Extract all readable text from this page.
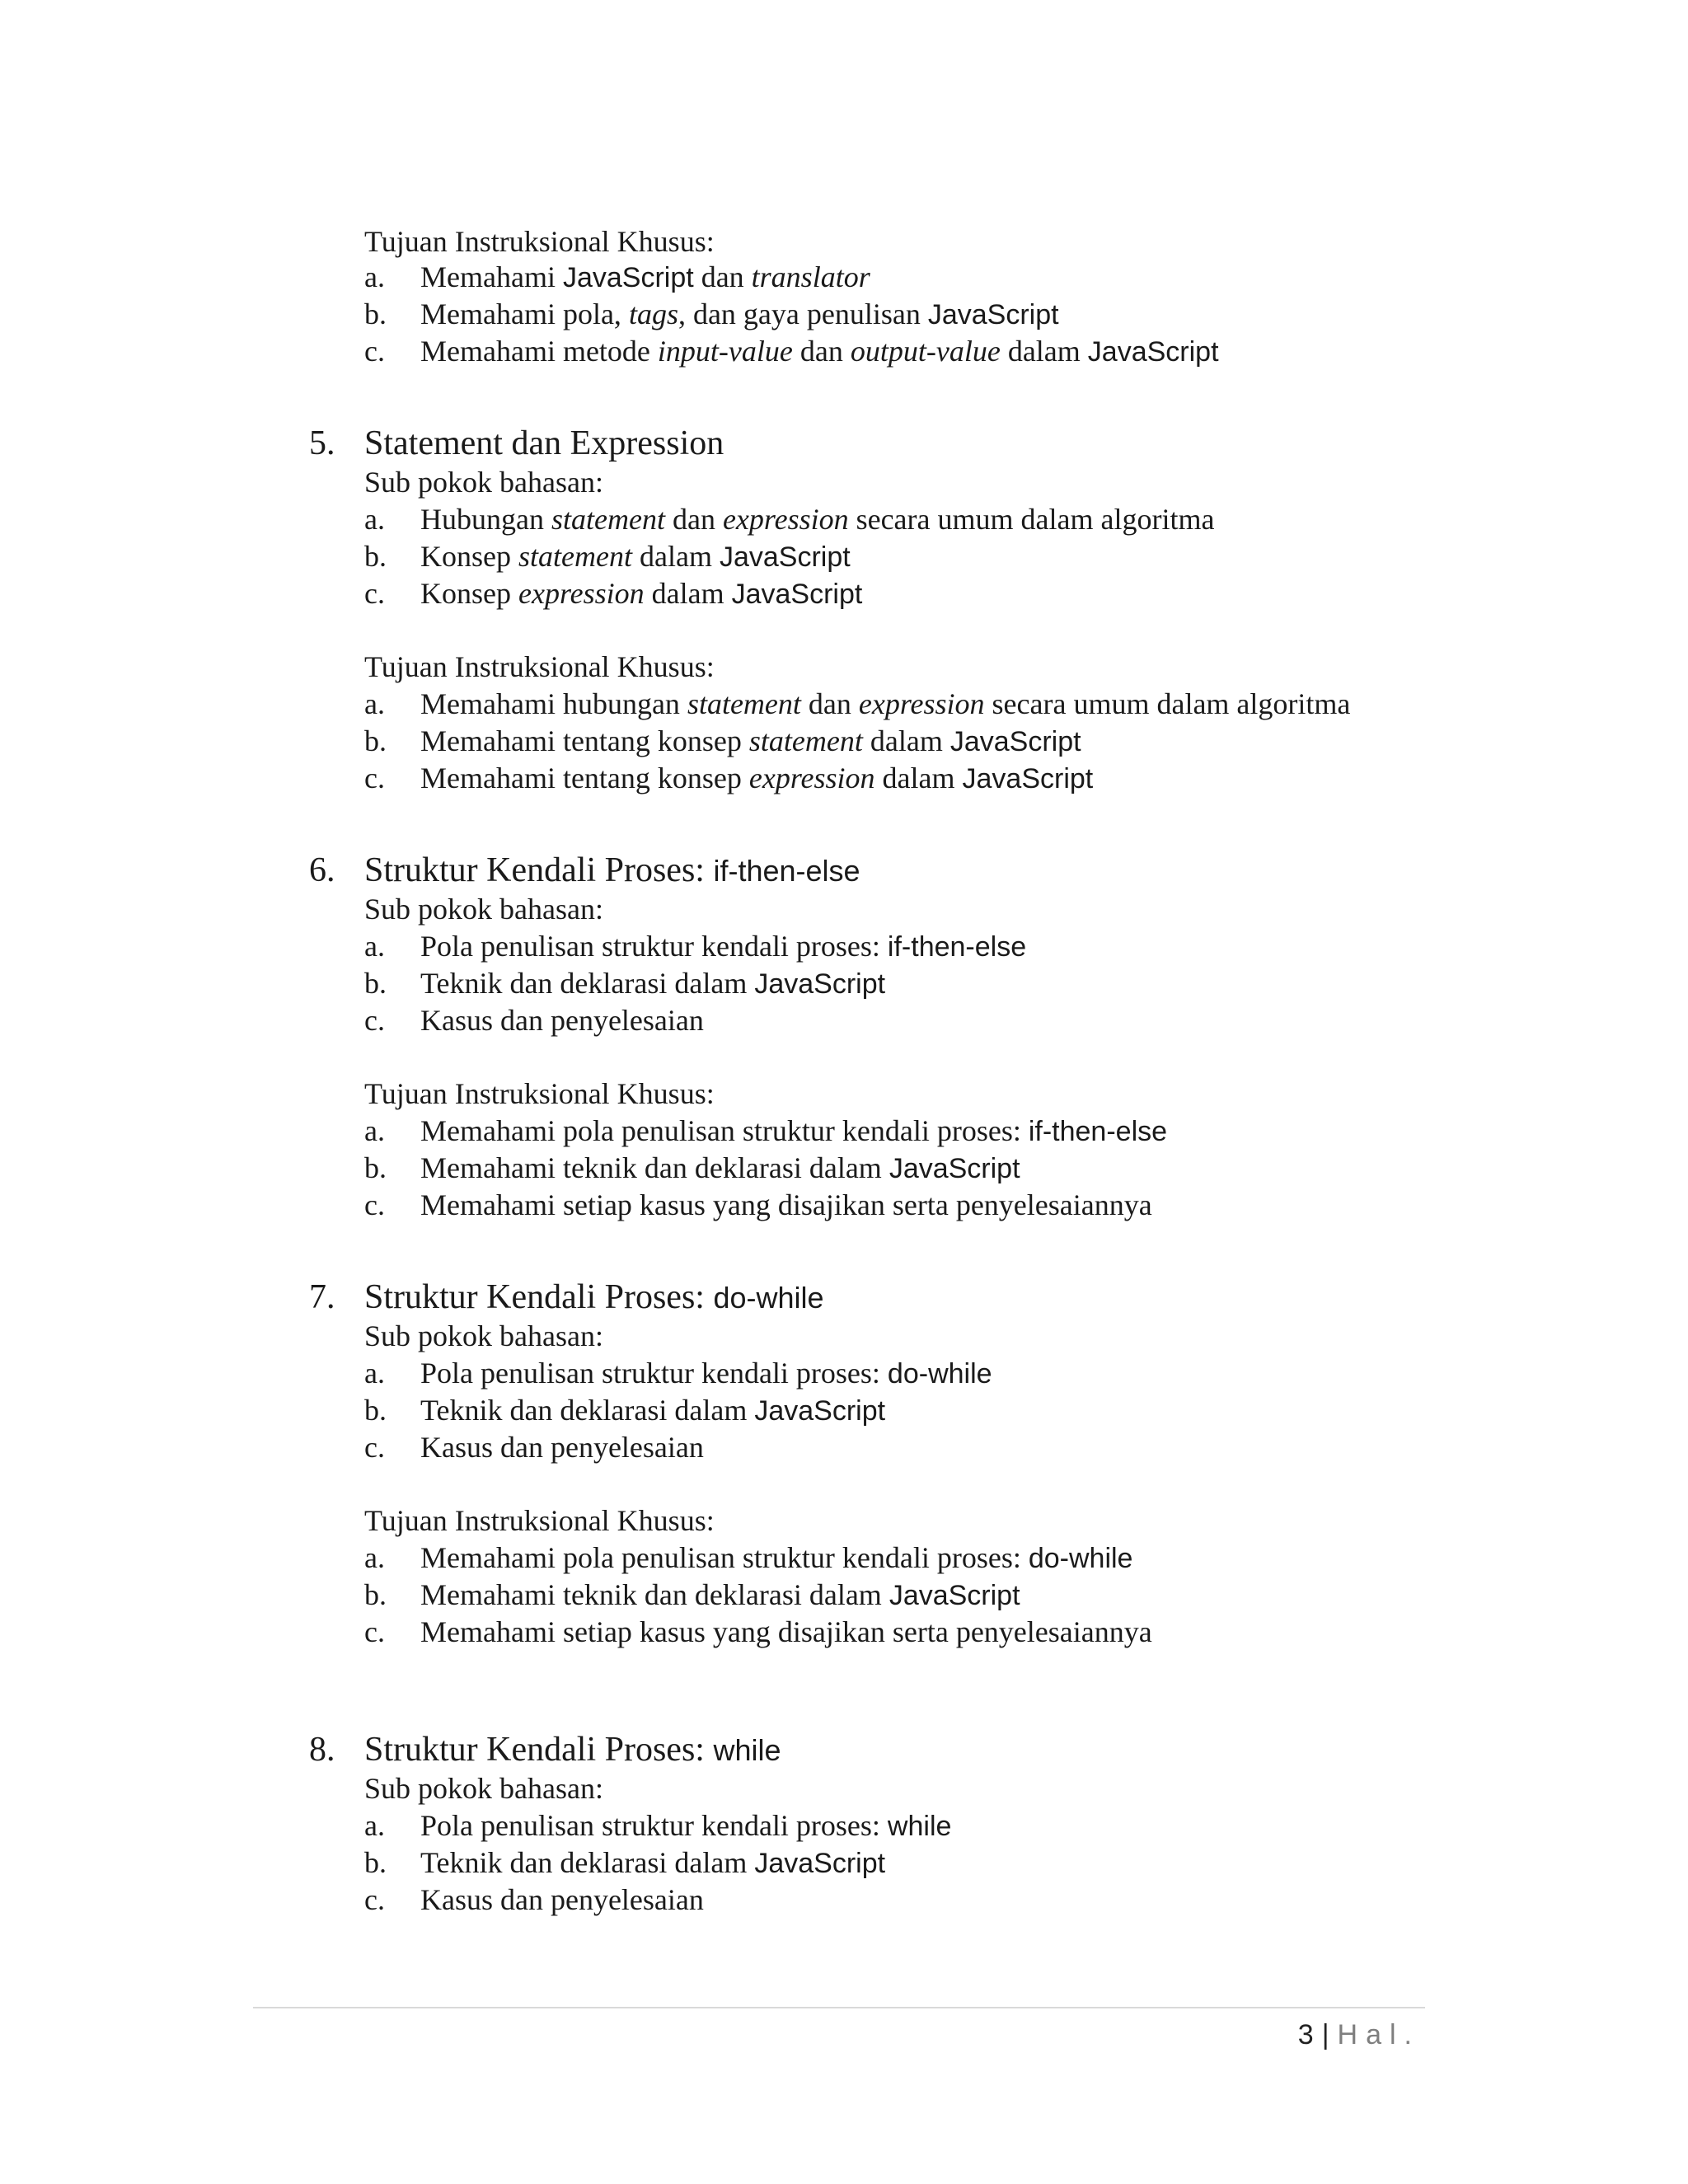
Tujuan Instruksional Khusus:
a. Memahami JavaScript dan translator
b. Memahami pola, tags, dan gaya penulisan JavaScript
c. Memahami metode input-value dan output-value dalam JavaScript
5. Statement dan Expression
Sub pokok bahasan:
a. Hubungan statement dan expression secara umum dalam algoritma
b. Konsep statement dalam JavaScript
c. Konsep expression dalam JavaScript
Tujuan Instruksional Khusus:
a. Memahami hubungan statement dan expression secara umum dalam algoritma
b. Memahami tentang konsep statement dalam JavaScript
c. Memahami tentang konsep expression dalam JavaScript
6. Struktur Kendali Proses: if-then-else
Sub pokok bahasan:
a. Pola penulisan struktur kendali proses: if-then-else
b. Teknik dan deklarasi dalam JavaScript
c. Kasus dan penyelesaian
Tujuan Instruksional Khusus:
a. Memahami pola penulisan struktur kendali proses: if-then-else
b. Memahami teknik dan deklarasi dalam JavaScript
c. Memahami setiap kasus yang disajikan serta penyelesaiannya
7. Struktur Kendali Proses: do-while
Sub pokok bahasan:
a. Pola penulisan struktur kendali proses: do-while
b. Teknik dan deklarasi dalam JavaScript
c. Kasus dan penyelesaian
Tujuan Instruksional Khusus:
a. Memahami pola penulisan struktur kendali proses: do-while
b. Memahami teknik dan deklarasi dalam JavaScript
c. Memahami setiap kasus yang disajikan serta penyelesaiannya
8. Struktur Kendali Proses: while
Sub pokok bahasan:
a. Pola penulisan struktur kendali proses: while
b. Teknik dan deklarasi dalam JavaScript
c. Kasus dan penyelesaian
3 | Hal.
